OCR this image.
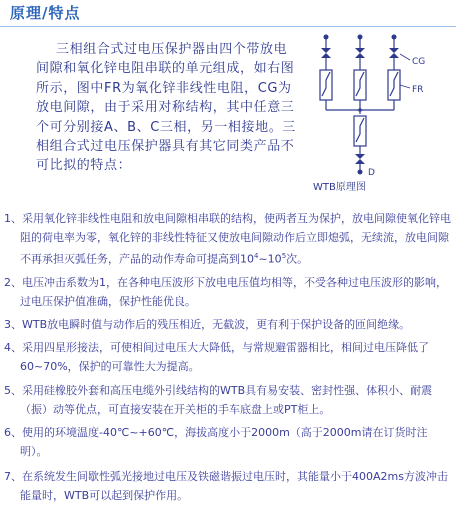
原理/特点
三相组合式过电压保护器由四个带放电间隙和氧化锌电阻串联的单元组成，如右图所示，图中FR为氧化锌非线性电阻，CG为放电间隙，由于采用对称结构，其中任意三个可分别接A、B、C三相，另一相接地。三相组合式过电压保护器具有其它同类产品不可比拟的特点：
CG
FR
D
WTB原理图
1、采用氧化锌非线性电阻和放电间隙相串联的结构，使两者互为保护，放电间隙使氧化锌电阻的荷电率为零，氧化锌的非线性特征又使放电间隙动作后立即熄弧，无续流，放电间隙不再承担灭弧任务，产品的动作寿命可提高到$10^4\sim 10^5$次。
2、电压冲击系数为1，在各种电压波形下放电电压值均相等，不受各种过电压波形的影响，过电压保护值准确，保护性能优良。
3、WTB放电瞬时值与动作后的残压相近，无截波，更有利于保护设备的匝间绝缘。
4、采用四星形接法，可使相间过电压大大降低，与常规避雷器相比，相间过电压降低了60~70%，保护的可靠性大为提高。
5、采用硅橡胶外套和高压电缆外引线结构的WTB具有易安装、密封性强、体积小、耐震（振）动等优点，可直接安装在开关柜的手车底盘上或PT柜上。
6、使用的环境温度-40℃~+60℃，海拔高度小于2000m（高于2000m请在订货时注明）。
7、在系统发生间歇性弧光接地过电压及铁磁谐振过电压时，其能量小于400A2ms方波冲击能量时，WTB可以起到保护作用。
